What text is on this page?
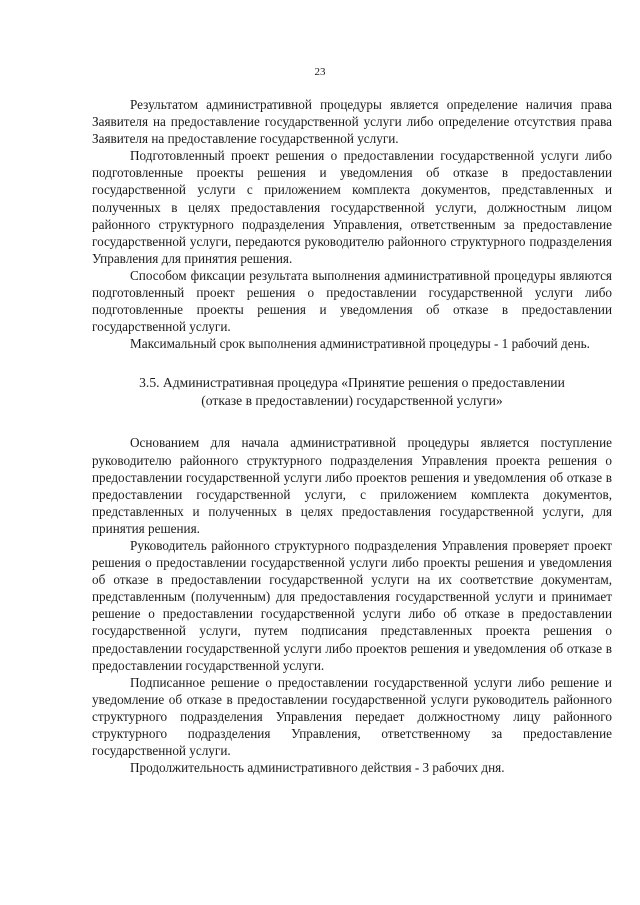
23

Результатом административной процедуры является определение наличия права Заявителя на предоставление государственной услуги либо определение отсутствия права Заявителя на предоставление государственной услуги.

Подготовленный проект решения о предоставлении государственной услуги либо подготовленные проекты решения и уведомления об отказе в предоставлении государственной услуги с приложением комплекта документов, представленных и полученных в целях предоставления государственной услуги, должностным лицом районного структурного подразделения Управления, ответственным за предоставление государственной услуги, передаются руководителю районного структурного подразделения Управления для принятия решения.

Способом фиксации результата выполнения административной процедуры являются подготовленный проект решения о предоставлении государственной услуги либо подготовленные проекты решения и уведомления об отказе в предоставлении государственной услуги.

Максимальный срок выполнения административной процедуры - 1 рабочий день.

3.5. Административная процедура «Принятие решения о предоставлении
(отказе в предоставлении) государственной услуги»

Основанием для начала административной процедуры является поступление руководителю районного структурного подразделения Управления проекта решения о предоставлении государственной услуги либо проектов решения и уведомления об отказе в предоставлении государственной услуги, с приложением комплекта документов, представленных и полученных в целях предоставления государственной услуги, для принятия решения.

Руководитель районного структурного подразделения Управления проверяет проект решения о предоставлении государственной услуги либо проекты решения и уведомления об отказе в предоставлении государственной услуги на их соответствие документам, представленным (полученным) для предоставления государственной услуги и принимает решение о предоставлении государственной услуги либо об отказе в предоставлении государственной услуги, путем подписания представленных проекта решения о предоставлении государственной услуги либо проектов решения и уведомления об отказе в предоставлении государственной услуги.

Подписанное решение о предоставлении государственной услуги либо решение и уведомление об отказе в предоставлении государственной услуги руководитель районного структурного подразделения Управления передает должностному лицу районного структурного подразделения Управления, ответственному за предоставление государственной услуги.

Продолжительность административного действия - 3 рабочих дня.
